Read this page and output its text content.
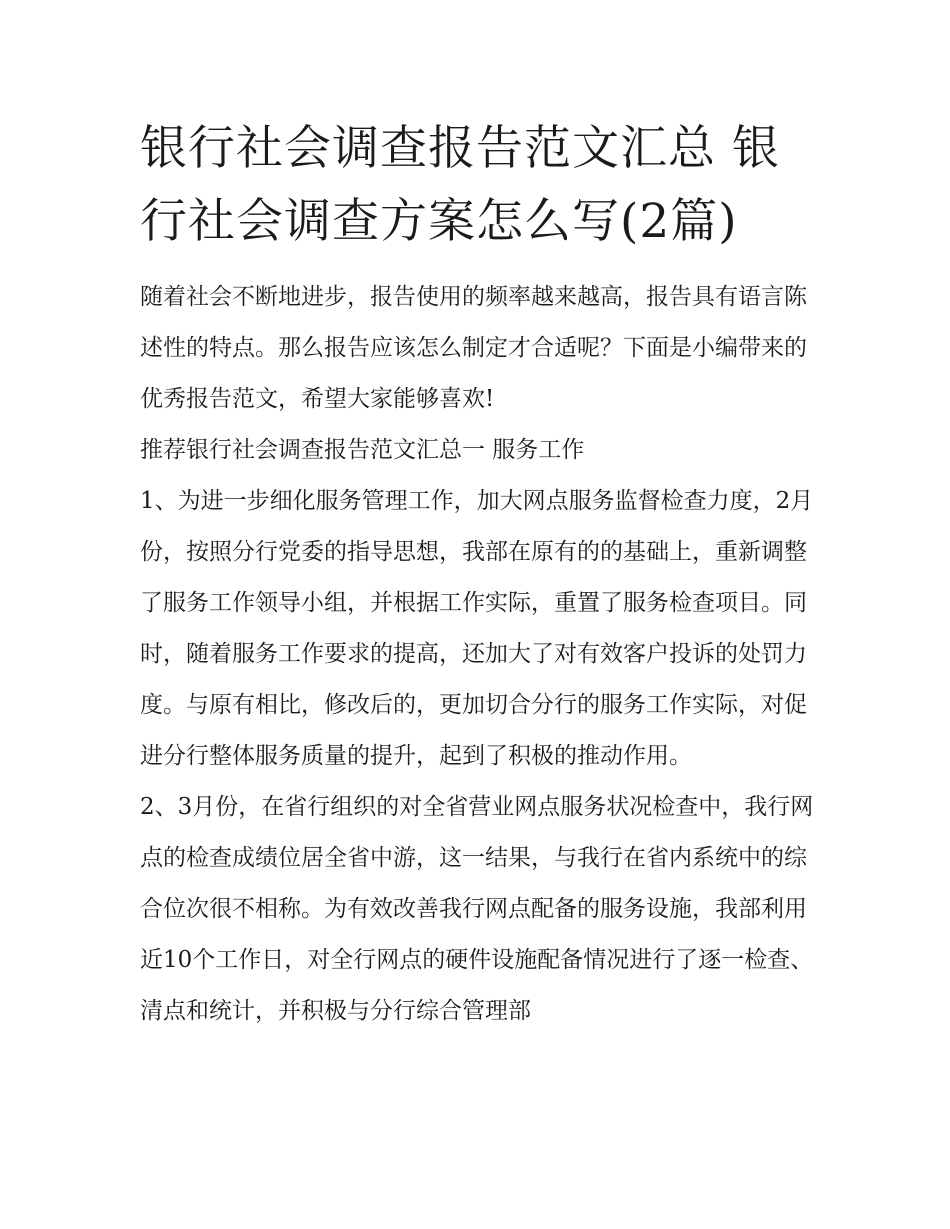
银行社会调查报告范文汇总 银行社会调查方案怎么写(2篇)

随着社会不断地进步，报告使用的频率越来越高，报告具有语言陈述性的特点。那么报告应该怎么制定才合适呢？下面是小编带来的优秀报告范文，希望大家能够喜欢!

推荐银行社会调查报告范文汇总一 服务工作

1、为进一步细化服务管理工作，加大网点服务监督检查力度，2月份，按照分行党委的指导思想，我部在原有的的基础上，重新调整了服务工作领导小组，并根据工作实际，重置了服务检查项目。同时，随着服务工作要求的提高，还加大了对有效客户投诉的处罚力度。与原有相比，修改后的，更加切合分行的服务工作实际，对促进分行整体服务质量的提升，起到了积极的推动作用。

2、3月份，在省行组织的对全省营业网点服务状况检查中，我行网点的检查成绩位居全省中游，这一结果，与我行在省内系统中的综合位次很不相称。为有效改善我行网点配备的服务设施，我部利用近10个工作日，对全行网点的硬件设施配备情况进行了逐一检查、清点和统计，并积极与分行综合管理部
